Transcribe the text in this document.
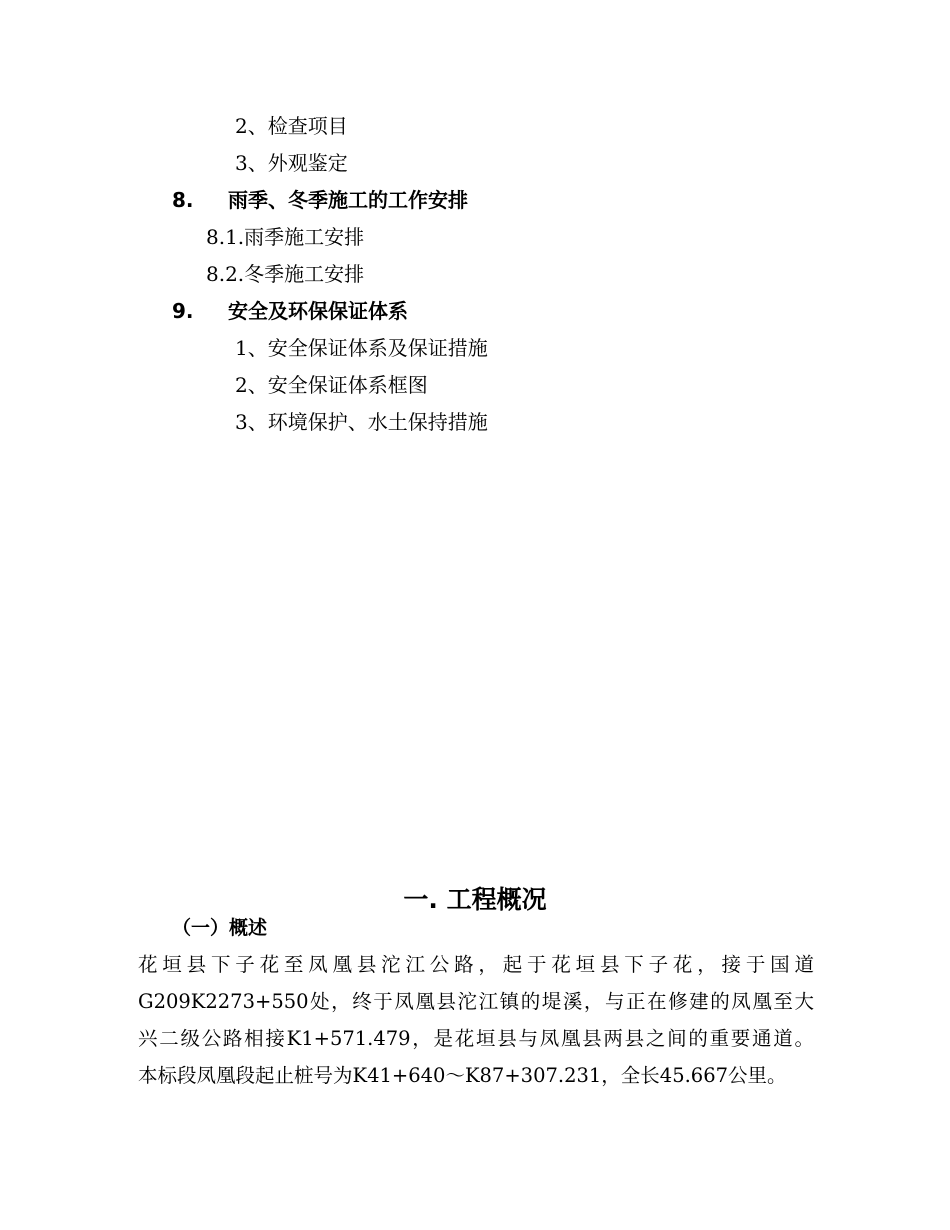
2、检查项目
3、外观鉴定
8. 雨季、冬季施工的工作安排
8.1.雨季施工安排
8.2.冬季施工安排
9. 安全及环保保证体系
1、安全保证体系及保证措施
2、安全保证体系框图
3、环境保护、水土保持措施
一. 工程概况
（一）概述
花垣县下子花至凤凰县沱江公路，起于花垣县下子花，接于国道
G209K2273+550处，终于凤凰县沱江镇的堤溪，与正在修建的凤凰至大
兴二级公路相接K1+571.479，是花垣县与凤凰县两县之间的重要通道。
本标段凤凰段起止桩号为K41+640～K87+307.231，全长45.667公里。
